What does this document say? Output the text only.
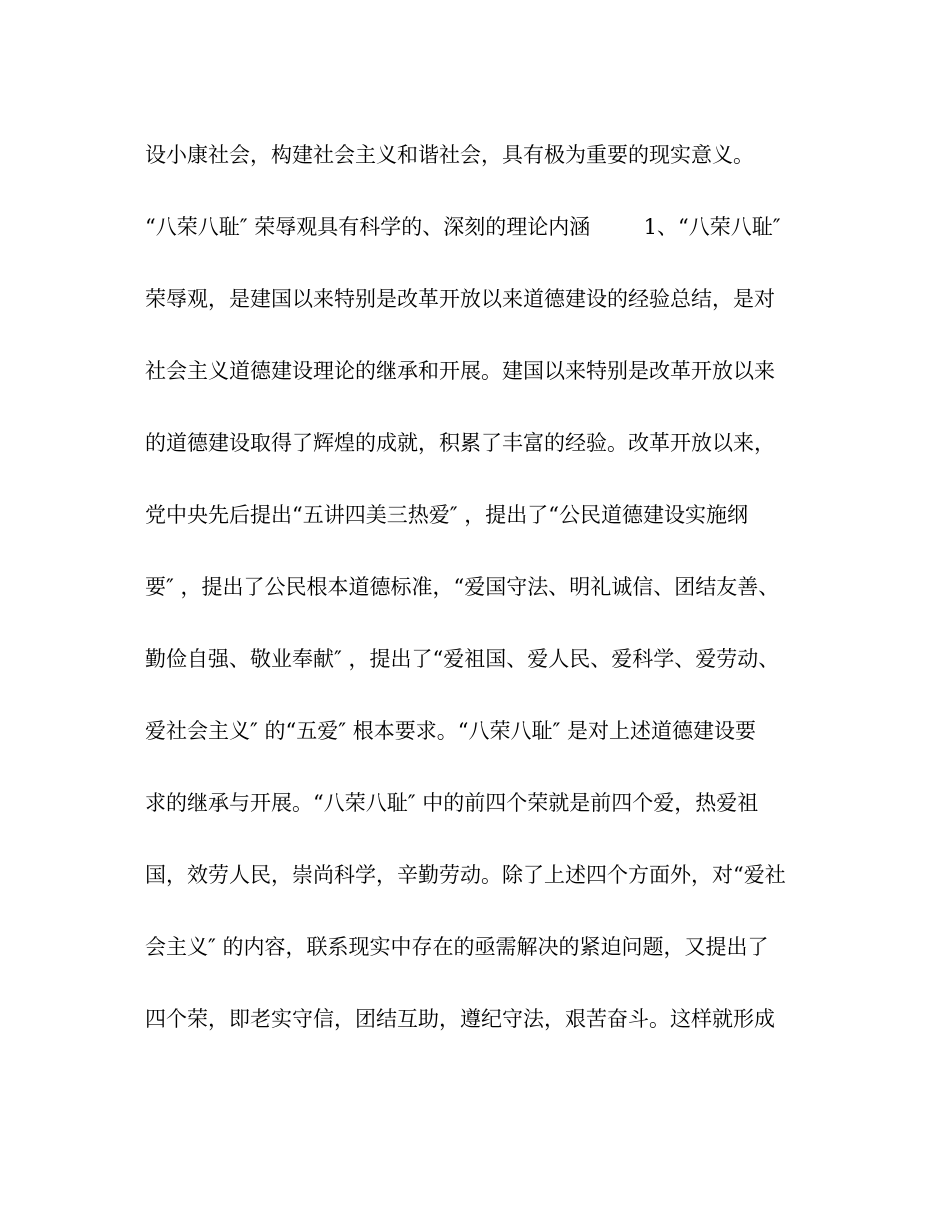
设小康社会，构建社会主义和谐社会，具有极为重要的现实意义。

“八荣八耻″ 荣辱观具有科学的、深刻的理论内涵        1、“八荣八耻″

荣辱观，是建国以来特别是改革开放以来道德建设的经验总结，是对

社会主义道德建设理论的继承和开展。建国以来特别是改革开放以来

的道德建设取得了辉煌的成就，积累了丰富的经验。改革开放以来，

党中央先后提出“五讲四美三热爱″ ，提出了“公民道德建设实施纲

要″ ，提出了公民根本道德标准，“爱国守法、明礼诚信、团结友善、

勤俭自强、敬业奉献″ ，提出了“爱祖国、爱人民、爱科学、爱劳动、

爱社会主义″ 的“五爱″ 根本要求。“八荣八耻″ 是对上述道德建设要

求的继承与开展。“八荣八耻″ 中的前四个荣就是前四个爱，热爱祖

国，效劳人民，崇尚科学，辛勤劳动。除了上述四个方面外，对“爱社

会主义″ 的内容，联系现实中存在的亟需解决的紧迫问题，又提出了

四个荣，即老实守信，团结互助，遵纪守法，艰苦奋斗。这样就形成
